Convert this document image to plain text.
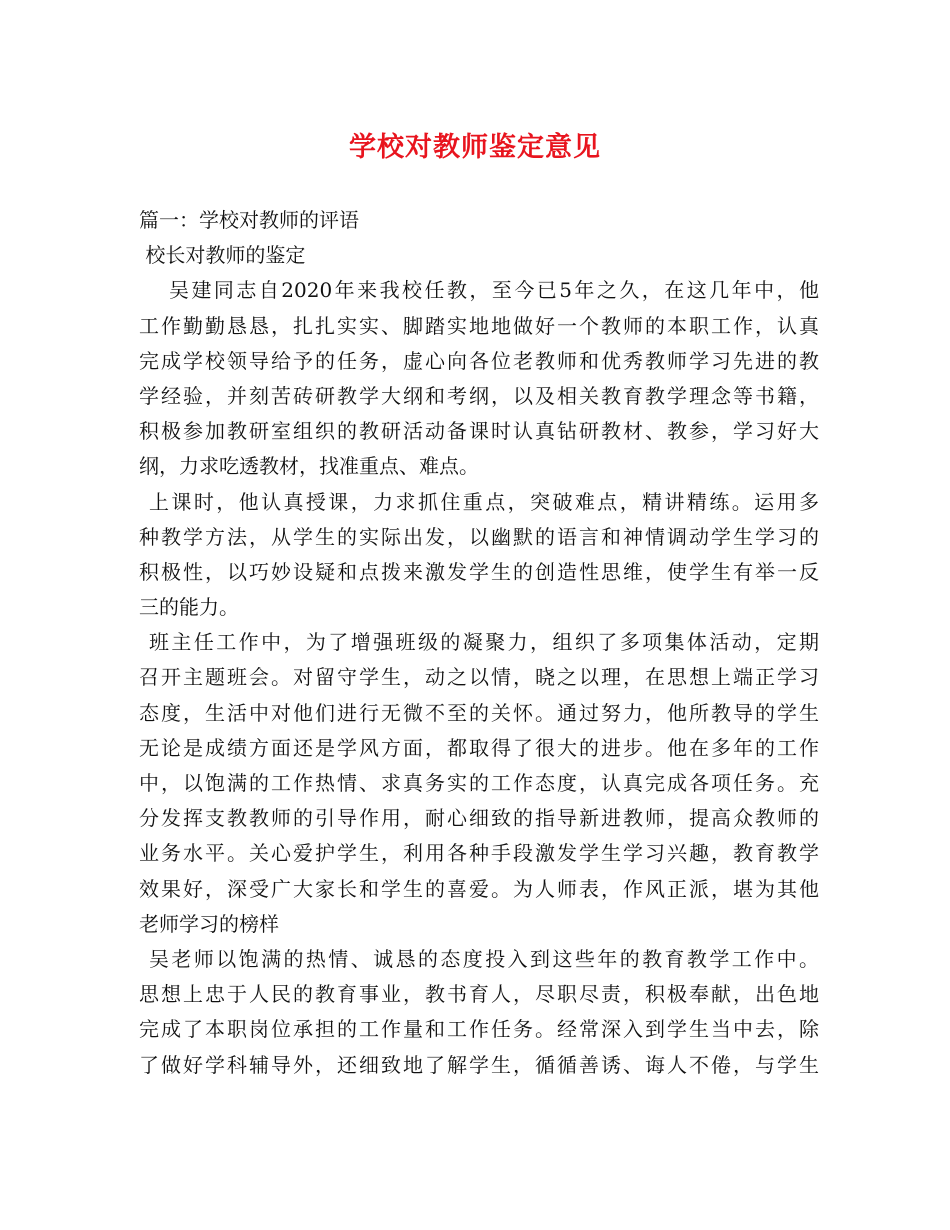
学校对教师鉴定意见
篇一：学校对教师的评语
校长对教师的鉴定
吴建同志自2020年来我校任教，至今已5年之久，在这几年中，他
工作勤勤恳恳，扎扎实实、脚踏实地地做好一个教师的本职工作，认真
完成学校领导给予的任务，虚心向各位老教师和优秀教师学习先进的教
学经验，并刻苦砖研教学大纲和考纲，以及相关教育教学理念等书籍，
积极参加教研室组织的教研活动备课时认真钻研教材、教参，学习好大
纲，力求吃透教材，找准重点、难点。
上课时，他认真授课，力求抓住重点，突破难点，精讲精练。运用多
种教学方法，从学生的实际出发，以幽默的语言和神情调动学生学习的
积极性，以巧妙设疑和点拨来激发学生的创造性思维，使学生有举一反
三的能力。
班主任工作中，为了增强班级的凝聚力，组织了多项集体活动，定期
召开主题班会。对留守学生，动之以情，晓之以理，在思想上端正学习
态度，生活中对他们进行无微不至的关怀。通过努力，他所教导的学生
无论是成绩方面还是学风方面，都取得了很大的进步。他在多年的工作
中，以饱满的工作热情、求真务实的工作态度，认真完成各项任务。充
分发挥支教教师的引导作用，耐心细致的指导新进教师，提高众教师的
业务水平。关心爱护学生，利用各种手段激发学生学习兴趣，教育教学
效果好，深受广大家长和学生的喜爱。为人师表，作风正派，堪为其他
老师学习的榜样
吴老师以饱满的热情、诚恳的态度投入到这些年的教育教学工作中。
思想上忠于人民的教育事业，教书育人，尽职尽责，积极奉献，出色地
完成了本职岗位承担的工作量和工作任务。经常深入到学生当中去，除
了做好学科辅导外，还细致地了解学生，循循善诱、诲人不倦，与学生
